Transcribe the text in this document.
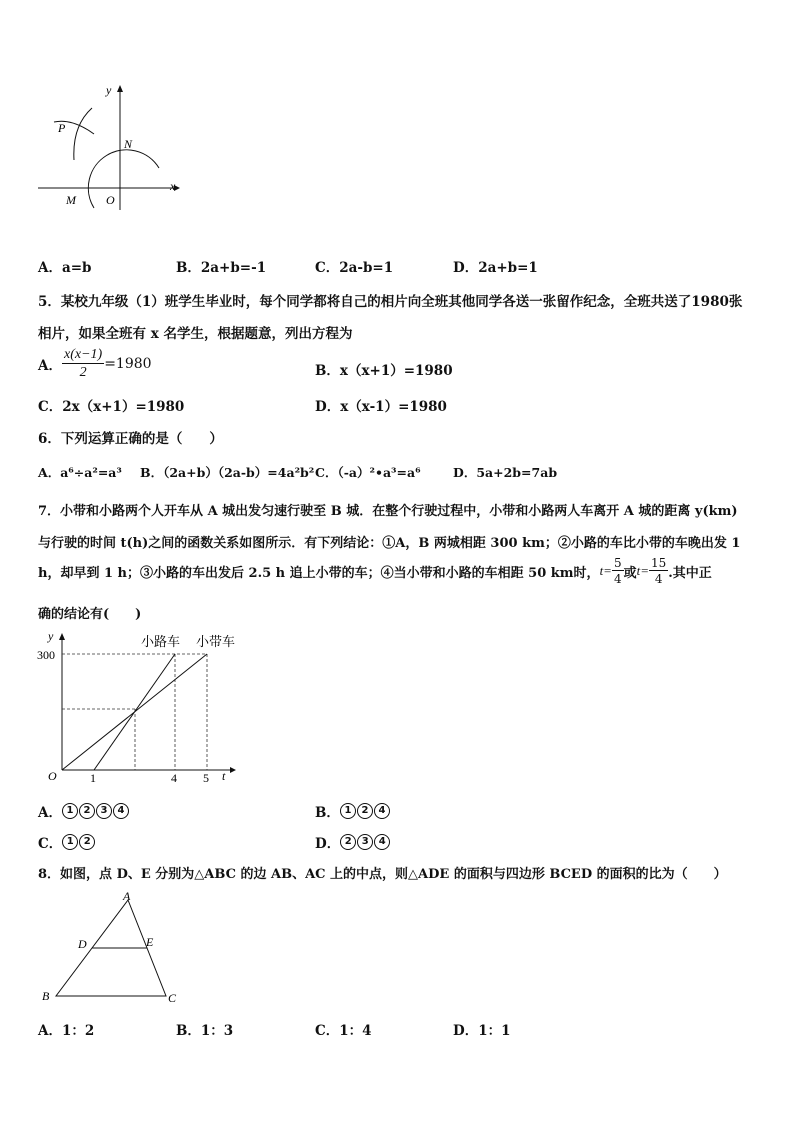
y
x
P
N
M	O
A．a=b	B．2a+b=-1	C．2a-b=1	D．2a+b=1
5．某校九年级（1）班学生毕业时，每个同学都将自己的相片向全班其他同学各送一张留作纪念，全班共送了1980张
相片，如果全班有 x 名学生，根据题意，列出方程为
A． $\frac{x(x-1)}{2} =1980$	B．x（x+1）=1980
C．2x（x+1）=1980	D．x（x-1）=1980
6．下列运算正确的是（　　）
A．a⁶÷a²=a³ B．（2a+b）（2a-b）=4a²b² C．（-a）²•a³=a⁶	D．5a+2b=7ab
7．小带和小路两个人开车从 A 城出发匀速行驶至 B 城．在整个行驶过程中，小带和小路两人车离开 A 城的距离 y(km)
与行驶的时间 t(h)之间的函数关系如图所示．有下列结论：①A，B 两城相距 300 km；②小路的车比小带的车晚出发 1
h，却早到 1 h；③小路的车出发后 2.5 h 追上小带的车；④当小带和小路的车相距 50 km时， $t= \frac{5}{4}$ 或 $t= \frac{15}{4}$ .其中正
确的结论有(　　)
y
300
O	1	4 5 t
小路车 小带车
A． 1	2	3	4	B． 1	2	4
C． 1	2	D． 2	3	4
8．如图，点 D、E 分别为△ABC 的边 AB、AC 上的中点，则△ADE 的面积与四边形 BCED 的面积的比为（　　）
A
D	E
B	C
A．1：2	B．1：3	C．1：4	D．1：1
